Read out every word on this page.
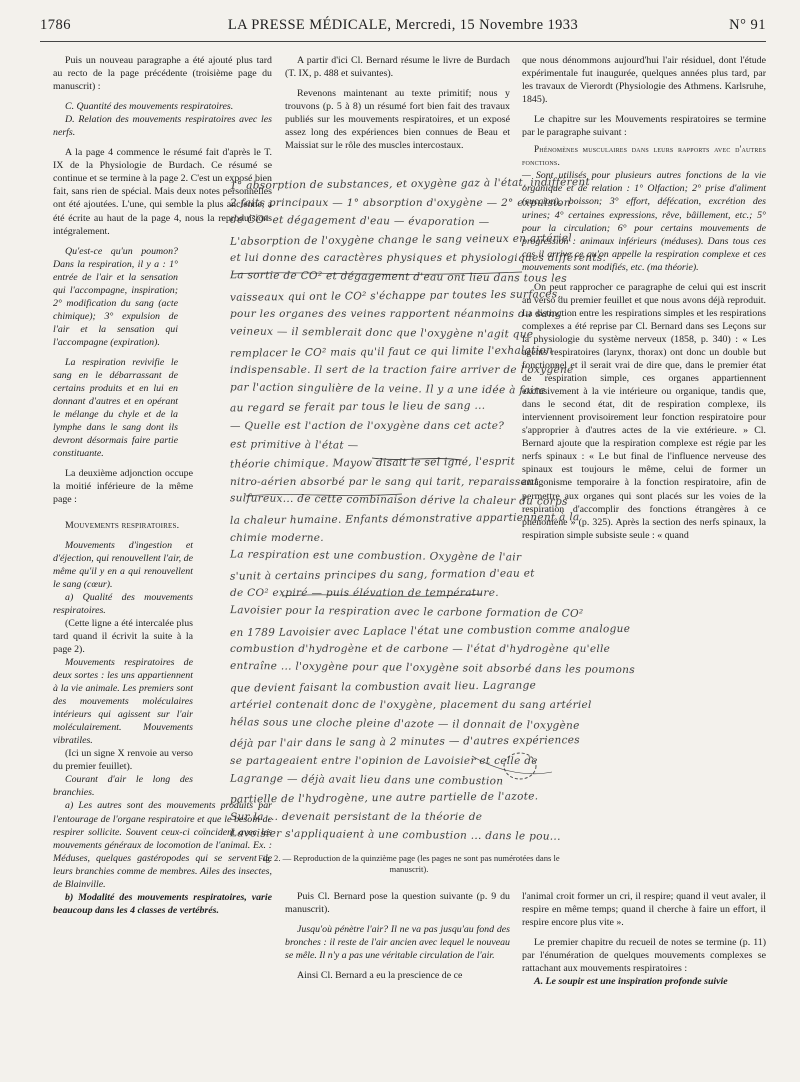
1786	LA PRESSE MÉDICALE, Mercredi, 15 Novembre 1933	N° 91

Puis un nouveau paragraphe a été ajouté plus tard au recto de la page précédente (troisième page du manuscrit) :

C. Quantité des mouvements respiratoires.

D. Relation des mouvements respiratoires avec les nerfs.

A la page 4 commence le résumé fait d'après le T. IX de la Physiologie de Burdach. Ce résumé se continue et se termine à la page 2. C'est un exposé bien fait, sans rien de spécial. Mais deux notes personnelles ont été ajoutées. L'une, qui semble la plus ancienne, a été écrite au haut de la page 4, nous la reproduisions intégralement.

Qu'est-ce qu'un poumon? Dans la respiration, il y a : 1° entrée de l'air et la sensation qui l'accompagne, inspiration; 2° modification du sang (acte chimique); 3° expulsion de l'air et la sensation qui l'accompagne (expiration).

La respiration revivifie le sang en le débarrassant de certains produits et en lui en donnant d'autres et en opérant le mélange du chyle et de la lymphe dans le sang dont ils devront désormais faire partie constituante.

La deuxième adjonction occupe la moitié inférieure de la même page :

Mouvements respiratoires.

Mouvements d'ingestion et d'éjection, qui renouvellent l'air, de même qu'il y en a qui renouvellent le sang (cœur).

a) Qualité des mouvements respiratoires.

(Cette ligne a été intercalée plus tard quand il écrivit la suite à la page 2).

Mouvements respiratoires de deux sortes : les uns appartiennent à la vie animale. Les premiers sont des mouvements moléculaires intérieurs qui agissent sur l'air moléculairement. Mouvements vibratiles.

(Ici un signe X renvoie au verso du premier feuillet).

Courant d'air le long des branchies.

a) Les autres sont des mouvements produits par l'entourage de l'organe respiratoire et que le besoin de respirer sollicite. Souvent ceux-ci coïncident avec les mouvements généraux de locomotion de l'animal. Ex. : Méduses, quelques gastéropodes qui se servent de leurs branchies comme de membres. Ailes des insectes, de Blainville.

b) Modalité des mouvements respiratoires, varie beaucoup dans les 4 classes de vertébrés.

A partir d'ici Cl. Bernard résume le livre de Burdach (T. IX, p. 488 et suivantes).

Revenons maintenant au texte primitif; nous y trouvons (p. 5 à 8) un résumé fort bien fait des travaux publiés sur les mouvements respiratoires, et un exposé assez long des expériences bien connues de Beau et Maissiat sur le rôle des muscles intercostaux.

que nous dénommons aujourd'hui l'air résiduel, dont l'étude expérimentale fut inaugurée, quelques années plus tard, par les travaux de Vierordt (Physiologie des Athmens. Karlsruhe, 1845).

Le chapitre sur les Mouvements respiratoires se termine par le paragraphe suivant :

Phénomènes musculaires dans leurs rapports avec d'autres fonctions.

— Sont utilisés pour plusieurs autres fonctions de la vie organique et de relation : 1° Olfaction; 2° prise d'aliment (succion), boisson; 3° effort, défécation, excrétion des urines; 4° certaines expressions, rêve, bâillement, etc.; 5° pour la circulation; 6° pour certains mouvements de progression : animaux inférieurs (méduses). Dans tous ces cas il arrive ce qu'on appelle la respiration complexe et ces mouvements sont modifiés, etc. (ma théorie).

On peut rapprocher ce paragraphe de celui qui est inscrit au verso du premier feuillet et que nous avons déjà reproduit. La distinction entre les respirations simples et les respirations complexes a été reprise par Cl. Bernard dans ses Leçons sur la physiologie du système nerveux (1858, p. 340) : « Les agents respiratoires (larynx, thorax) ont donc un double but fonctionnel et il serait vrai de dire que, dans le premier état de respiration simple, ces organes appartiennent exclusivement à la vie intérieure ou organique, tandis que, dans le second état, dit de respiration complexe, ils interviennent provisoirement leur fonction respiratoire pour s'approprier à d'autres actes de la vie extérieure. » Cl. Bernard ajoute que la respiration complexe est régie par les nerfs spinaux : « Le but final de l'influence nerveuse des spinaux est toujours le même, celui de former un antagonisme temporaire à la fonction respiratoire, afin de permettre aux organes qui sont placés sur les voies de la respiration d'accomplir des fonctions étrangères à ce phénomène » (p. 325). Après la section des nerfs spinaux, la respiration simple subsiste seule : « quand

1° absorption de substances, et oxygène gaz à l'état, indifférent
2 faits principaux — 1° absorption d'oxygène — 2° expulsion
de CO² et dégagement d'eau — évaporation —
L'absorption de l'oxygène change le sang veineux en artériel
et lui donne des caractères physiques et physiologiques différents.
La sortie de CO² et dégagement d'eau ont lieu dans tous les
vaisseaux qui ont le CO² s'échappe par toutes les surfaces,
pour les organes des veines rapportent néanmoins du sang
veineux — il semblerait donc que l'oxygène n'agit que
remplacer le CO² mais qu'il faut ce qui limite l'exhalation
indispensable. Il sert de la traction faire arriver de l'oxygène
par l'action singulière de la veine. Il y a une idée à faire
au regard se ferait par tous le lieu de sang ...
— Quelle est l'action de l'oxygène dans cet acte?
est primitive à l'état —
théorie chimique. Mayow disait le sel igné, l'esprit
nitro-aérien absorbé par le sang qui tarit, reparaissent
sulfureux... de cette combinaison dérive la chaleur du corps
la chaleur humaine. Enfants démonstrative appartiennent à la
chimie moderne.
La respiration est une combustion. Oxygène de l'air
s'unit à certains principes du sang, formation d'eau et
de CO² expiré — puis élévation de température.
Lavoisier pour la respiration avec le carbone formation de CO²
en 1789 Lavoisier avec Laplace l'état une combustion comme analogue
combustion d'hydrogène et de carbone — l'état d'hydrogène qu'elle
entraîne ... l'oxygène pour que l'oxygène soit absorbé dans les poumons
que devient faisant la combustion avait lieu. Lagrange
artériel contenait donc de l'oxygène, placement du sang artériel
hélas sous une cloche pleine d'azote — il donnait de l'oxygène
déjà par l'air dans le sang à 2 minutes — d'autres expériences
se partageaient entre l'opinion de Lavoisier et celle de
Lagrange — déjà avait lieu dans une combustion
partielle de l'hydrogène, une autre partielle de l'azote.
Sur la ... devenait persistant de la théorie de
Lavoisier s'appliquaient à une combustion ... dans le pou...
Fig. 2. — Reproduction de la quinzième page (les pages ne sont pas numérotées dans le manuscrit).

Puis Cl. Bernard pose la question suivante (p. 9 du manuscrit).

Jusqu'où pénètre l'air? Il ne va pas jusqu'au fond des bronches : il reste de l'air ancien avec lequel le nouveau se mêle. Il n'y a pas une véritable circulation de l'air.

Ainsi Cl. Bernard a eu la prescience de ce

l'animal croit former un cri, il respire; quand il veut avaler, il respire en même temps; quand il cherche à faire un effort, il respire encore plus vite ».

Le premier chapitre du recueil de notes se termine (p. 11) par l'énumération de quelques mouvements complexes se rattachant aux mouvements respiratoires :

A. Le soupir est une inspiration profonde suivie
